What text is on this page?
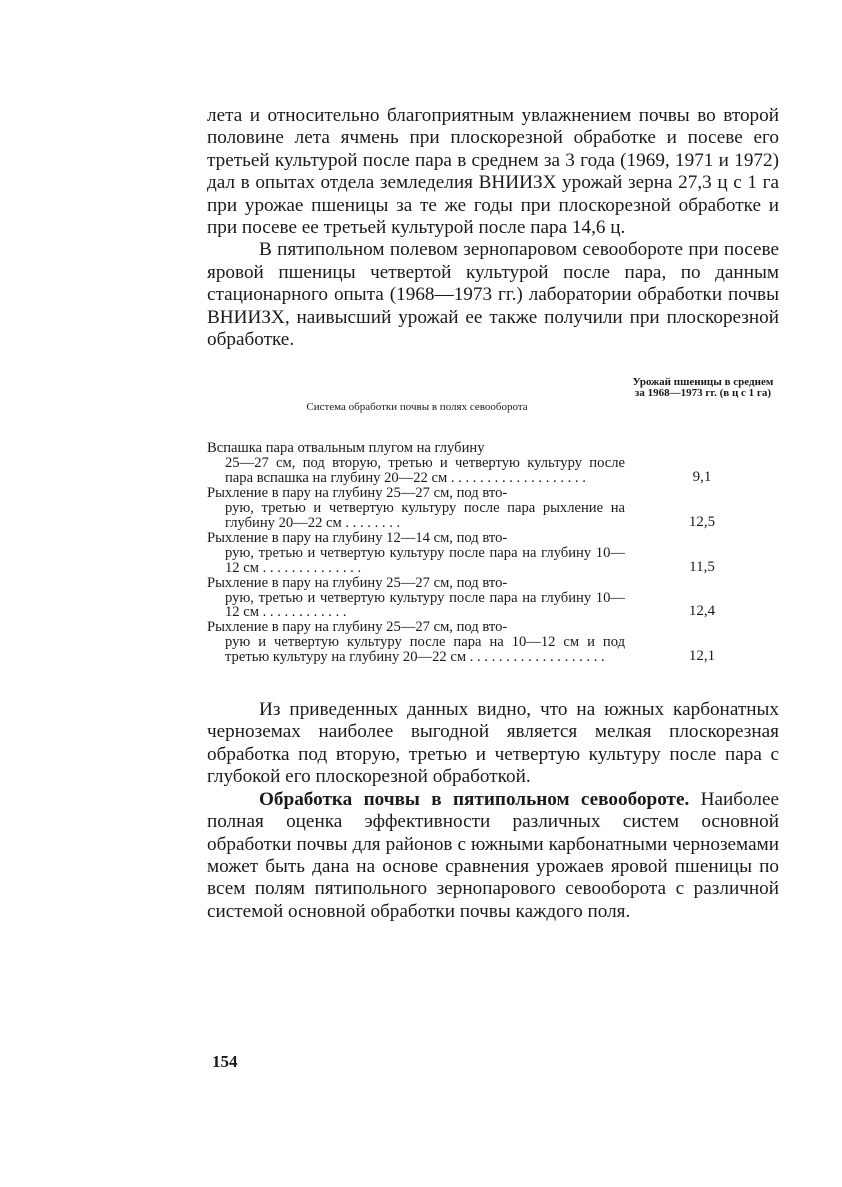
лета и относительно благоприятным увлажнением почвы во второй половине лета ячмень при плоскорезной обработке и посеве его третьей культурой после пара в среднем за 3 года (1969, 1971 и 1972) дал в опытах отдела земледелия ВНИИЗХ урожай зерна 27,3 ц с 1 га при урожае пшеницы за те же годы при плоскорезной обработке и при посеве ее третьей культурой после пара 14,6 ц.

В пятипольном полевом зернопаровом севообороте при посеве яровой пшеницы четвертой культурой после пара, по данным стационарного опыта (1968—1973 гг.) лаборатории обработки почвы ВНИИЗХ, наивысший урожай ее также получили при плоскорезной обработке.

Система обработки почвы в полях севооборота
Урожай пшеницы в среднем за 1968—1973 гг. (в ц с 1 га)
Вспашка пара отвальным плугом на глубину
25—27 см, под вторую, третью и четвертую культуру после пара вспашка на глубину 20—22 см . . . . . . . . . . . . . . . . . . .	9,1
Рыхление в пару на глубину 25—27 см, под вто-
рую, третью и четвертую культуру после пара рыхление на глубину 20—22 см . . . . . . . .	12,5
Рыхление в пару на глубину 12—14 см, под вто-
рую, третью и четвертую культуру после пара на глубину 10—12 см . . . . . . . . . . . . . .	11,5
Рыхление в пару на глубину 25—27 см, под вто-
рую, третью и четвертую культуру после пара на глубину 10—12 см . . . . . . . . . . . .	12,4
Рыхление в пару на глубину 25—27 см, под вто-
рую и четвертую культуру после пара на 10—12 см и под третью культуру на глубину 20—22 см . . . . . . . . . . . . . . . . . . .	12,1

Из приведенных данных видно, что на южных карбонатных черноземах наиболее выгодной является мелкая плоскорезная обработка под вторую, третью и четвертую культуру после пара с глубокой его плоскорезной обработкой.

Обработка почвы в пятипольном севообороте. Наиболее полная оценка эффективности различных систем основной обработки почвы для районов с южными карбонатными черноземами может быть дана на основе сравнения урожаев яровой пшеницы по всем полям пятипольного зернопарового севооборота с различной системой основной обработки почвы каждого поля.

154
